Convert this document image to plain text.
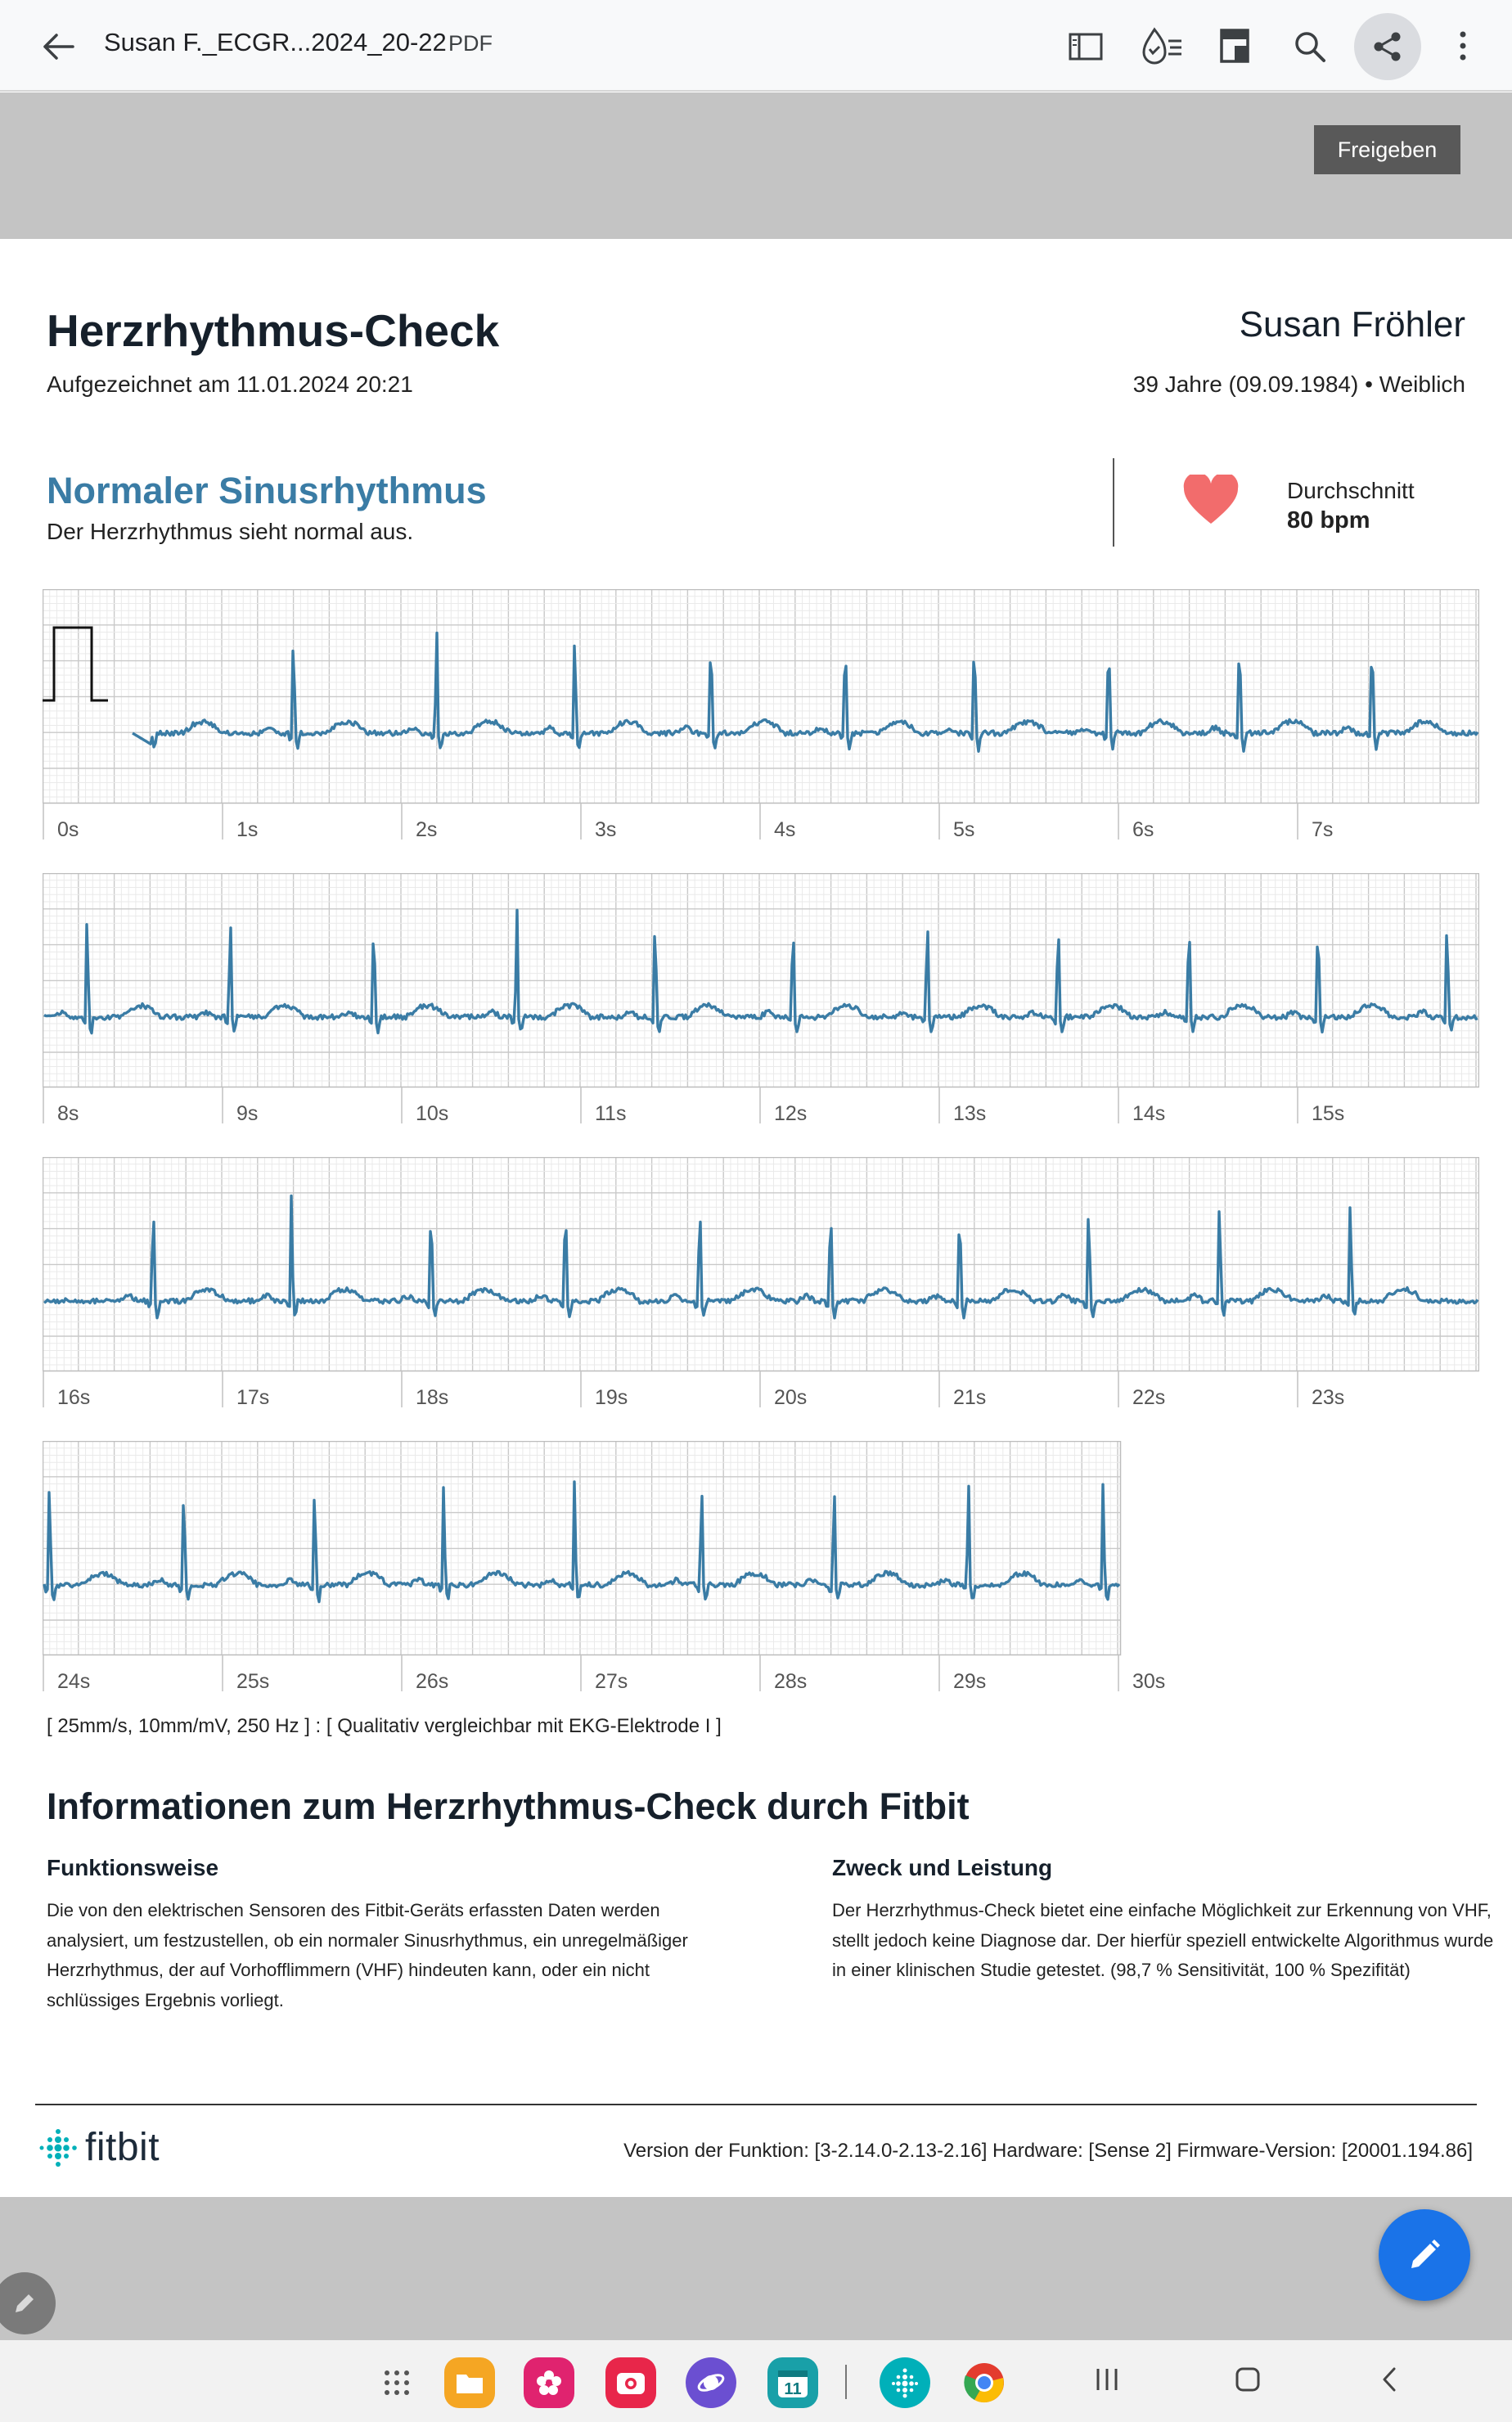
Susan F._ECGR...2024_20-22 PDF
Freigeben
Herzrhythmus-Check
Aufgezeichnet am 11.01.2024 20:21
Susan Fröhler
39 Jahre (09.09.1984) • Weiblich
Normaler Sinusrhythmus
Der Herzrhythmus sieht normal aus.
Durchschnitt
80 bpm
0s	1s	2s	3s	4s	5s	6s	7s
8s	9s	10s	11s	12s	13s	14s	15s
16s	17s	18s	19s	20s	21s	22s	23s
24s	25s	26s	27s	28s	29s	30s
[ 25mm/s, 10mm/mV, 250 Hz ] : [ Qualitativ vergleichbar mit EKG-Elektrode I ]
Informationen zum Herzrhythmus-Check durch Fitbit
Funktionsweise
Die von den elektrischen Sensoren des Fitbit-Geräts erfassten Daten werden analysiert, um festzustellen, ob ein normaler Sinusrhythmus, ein unregelmäßiger Herzrhythmus, der auf Vorhofflimmern (VHF) hindeuten kann, oder ein nicht schlüssiges Ergebnis vorliegt.
Zweck und Leistung
Der Herzrhythmus-Check bietet eine einfache Möglichkeit zur Erkennung von VHF, stellt jedoch keine Diagnose dar. Der hierfür speziell entwickelte Algorithmus wurde in einer klinischen Studie getestet. (98,7 % Sensitivität, 100 % Spezifität)
fitbit	Version der Funktion: [3-2.14.0-2.13-2.16] Hardware: [Sense 2] Firmware-Version: [20001.194.86]
11
